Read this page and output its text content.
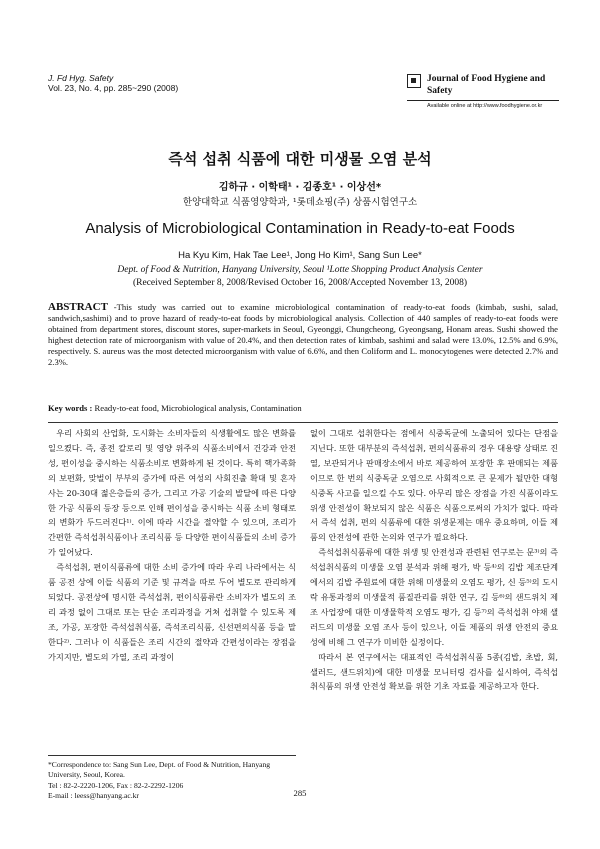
J. Fd Hyg. Safety
Vol. 23, No. 4, pp. 285~290 (2008)
Journal of Food Hygiene and Safety
Available online at http://www.foodhygiene.or.kr
즉석 섭취 식품에 대한 미생물 오염 분석
김하규 · 이학태¹ · 김종호¹ · 이상선*
한양대학교 식품영양학과, ¹롯데쇼핑(주) 상품시험연구소
Analysis of Microbiological Contamination in Ready-to-eat Foods
Ha Kyu Kim, Hak Tae Lee¹, Jong Ho Kim¹, Sang Sun Lee*
Dept. of Food & Nutrition, Hanyang University, Seoul ¹Lotte Shopping Product Analysis Center
(Received September 8, 2008/Revised October 16, 2008/Accepted November 13, 2008)
ABSTRACT -This study was carried out to examine microbiological contamination of ready-to-eat foods (kimbab, sushi, salad, sandwich,sashimi) and to prove hazard of ready-to-eat foods by microbiological analysis. Collection of 440 samples of ready-to-eat foods were obtained from department stores, discount stores, super-markets in Seoul, Gyeonggi, Chungcheong, Gyeongsang, Honam areas. Sushi showed the highest detection rate of microorganism with value of 20.4%, and then detection rates of kimbab, sashimi and salad were 13.0%, 12.5% and 6.9%, respectively. S. aureus was the most detected microorganism with value of 6.6%, and then Coliform and L. monocytogenes were detected 2.7% and 2.3%.
Key words : Ready-to-eat food, Microbiological analysis, Contamination

우리 사회의 산업화, 도시화는 소비자들의 식생활에도 많은 변화를 일으켰다. 즉, 종전 칼로리 및 영양 위주의 식품소비에서 건강과 안전성, 편이성을 중시하는 식품소비로 변화하게 된 것이다. 특히 핵가족화의 보편화, 맞벌이 부부의 증가에 따른 여성의 사회진출 확대 및 혼자 사는 20-30대 젊은층들의 증가, 그리고 가공 기술의 발달에 따른 다양한 가공 식품의 등장 등으로 인해 편이성을 중시하는 식품 소비 형태로의 변화가 두드러진다¹⁾. 이에 따라 시간을 절약할 수 있으며, 조리가 간편한 즉석섭취식품이나 조리식품 등 다양한 편이식품들의 소비 증가가 일어났다.

즉석섭취, 편이식품류에 대한 소비 증가에 따라 우리 나라에서는 식품 공전 상에 이들 식품의 기준 및 규격을 따로 두어 별도로 관리하게 되었다. 공전상에 명시한 즉석섭취, 편이식품류란 소비자가 별도의 조리 과정 없이 그대로 또는 단순 조리과정을 거쳐 섭취할 수 있도록 제조, 가공, 포장한 즉석섭취식품, 즉석조리식품, 신선편의식품 등을 말한다²⁾. 그러나 이 식품들은 조리 시간의 절약과 간편성이라는 장점을 가지지만, 별도의 가열, 조리 과정이

없이 그대로 섭취한다는 점에서 식중독균에 노출되어 있다는 단점을 지닌다. 또한 대부분의 즉석섭취, 편의식품류의 경우 대용량 상태로 진열, 보관되거나 판매장소에서 바로 제공하여 포장한 후 판매되는 제품이므로 한 번의 식중독균 오염으로 사회적으로 큰 문제가 될만한 대형 식중독 사고를 일으킬 수도 있다. 아무리 많은 장점을 가진 식품이라도 위생 안전성이 확보되지 않은 식품은 식품으로써의 가치가 없다. 따라서 즉석 섭취, 편의 식품류에 대한 위생문제는 매우 중요하며, 이들 제품의 안전성에 관한 논의와 연구가 필요하다.

즉석섭취식품류에 대한 위생 및 안전성과 관련된 연구로는 문³⁾의 즉석섭취식품의 미생물 오염 분석과 위해 평가, 박 등⁴⁾의 김밥 제조단계에서의 김밥 주원료에 대한 위해 미생물의 오염도 평가, 신 등⁵⁾의 도시락 유통과정의 미생물적 품질관리를 위한 연구, 김 등⁶⁾의 샌드위치 제조 사업장에 대한 미생물학적 오염도 평가, 김 등⁷⁾의 즉석섭취 야채 샐러드의 미생물 오염 조사 등이 있으나, 이들 제품의 위생 안전의 중요성에 비해 그 연구가 미비한 실정이다.

따라서 본 연구에서는 대표적인 즉석섭취식품 5종(김밥, 초밥, 회, 샐러드, 샌드위치)에 대한 미생물 모니터링 검사를 실시하여, 즉석섭취식품의 위생 안전성 확보를 위한 기초 자료를 제공하고자 한다.

*Correspondence to: Sang Sun Lee, Dept. of Food & Nutrition, Hanyang University, Seoul, Korea.
Tel : 82-2-2220-1206, Fax : 82-2-2292-1206
E-mail : leess@hanyang.ac.kr	285
